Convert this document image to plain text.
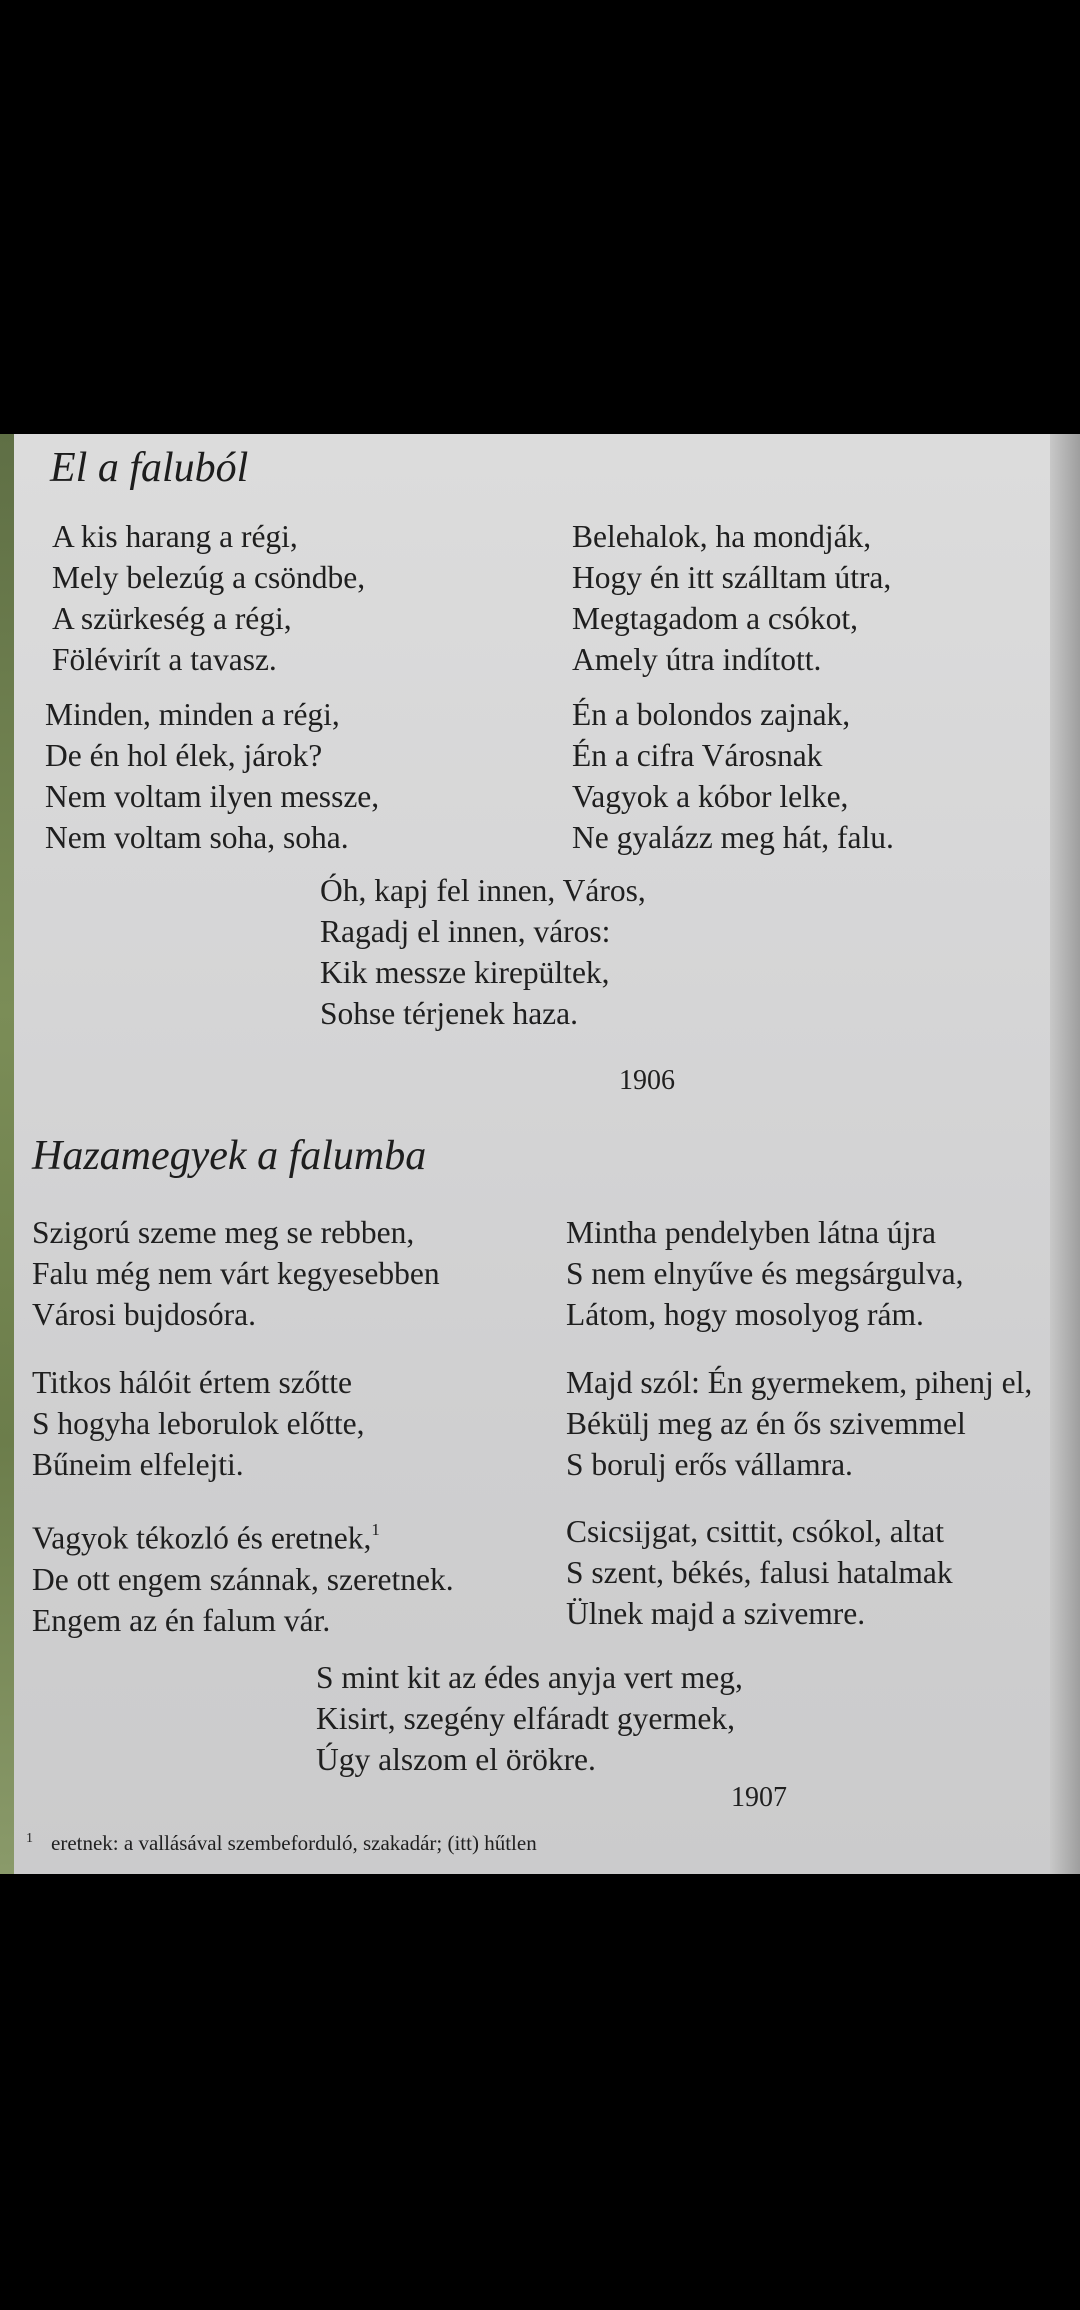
El a faluból
A kis harang a régi,
Mely belezúg a csöndbe,
A szürkeség a régi,
Fölévirít a tavasz.
Belehalok, ha mondják,
Hogy én itt szálltam útra,
Megtagadom a csókot,
Amely útra indított.
Minden, minden a régi,
De én hol élek, járok?
Nem voltam ilyen messze,
Nem voltam soha, soha.
Én a bolondos zajnak,
Én a cifra Városnak
Vagyok a kóbor lelke,
Ne gyalázz meg hát, falu.
Óh, kapj fel innen, Város,
Ragadj el innen, város:
Kik messze kirepültek,
Sohse térjenek haza.
1906
Hazamegyek a falumba
Szigorú szeme meg se rebben,
Falu még nem várt kegyesebben
Városi bujdosóra.
Mintha pendelyben látna újra
S nem elnyűve és megsárgulva,
Látom, hogy mosolyog rám.
Titkos hálóit értem szőtte
S hogyha leborulok előtte,
Bűneim elfelejti.
Majd szól: Én gyermekem, pihenj el,
Békülj meg az én ős szivemmel
S borulj erős vállamra.
Vagyok tékozló és eretnek,$^1$
De ott engem szánnak, szeretnek.
Engem az én falum vár.
Csicsijgat, csittit, csókol, altat
S szent, békés, falusi hatalmak
Ülnek majd a szivemre.
S mint kit az édes anyja vert meg,
Kisirt, szegény elfáradt gyermek,
Úgy alszom el örökre.
1907
$^1$ eretnek: a vallásával szembeforduló, szakadár; (itt) hűtlen
